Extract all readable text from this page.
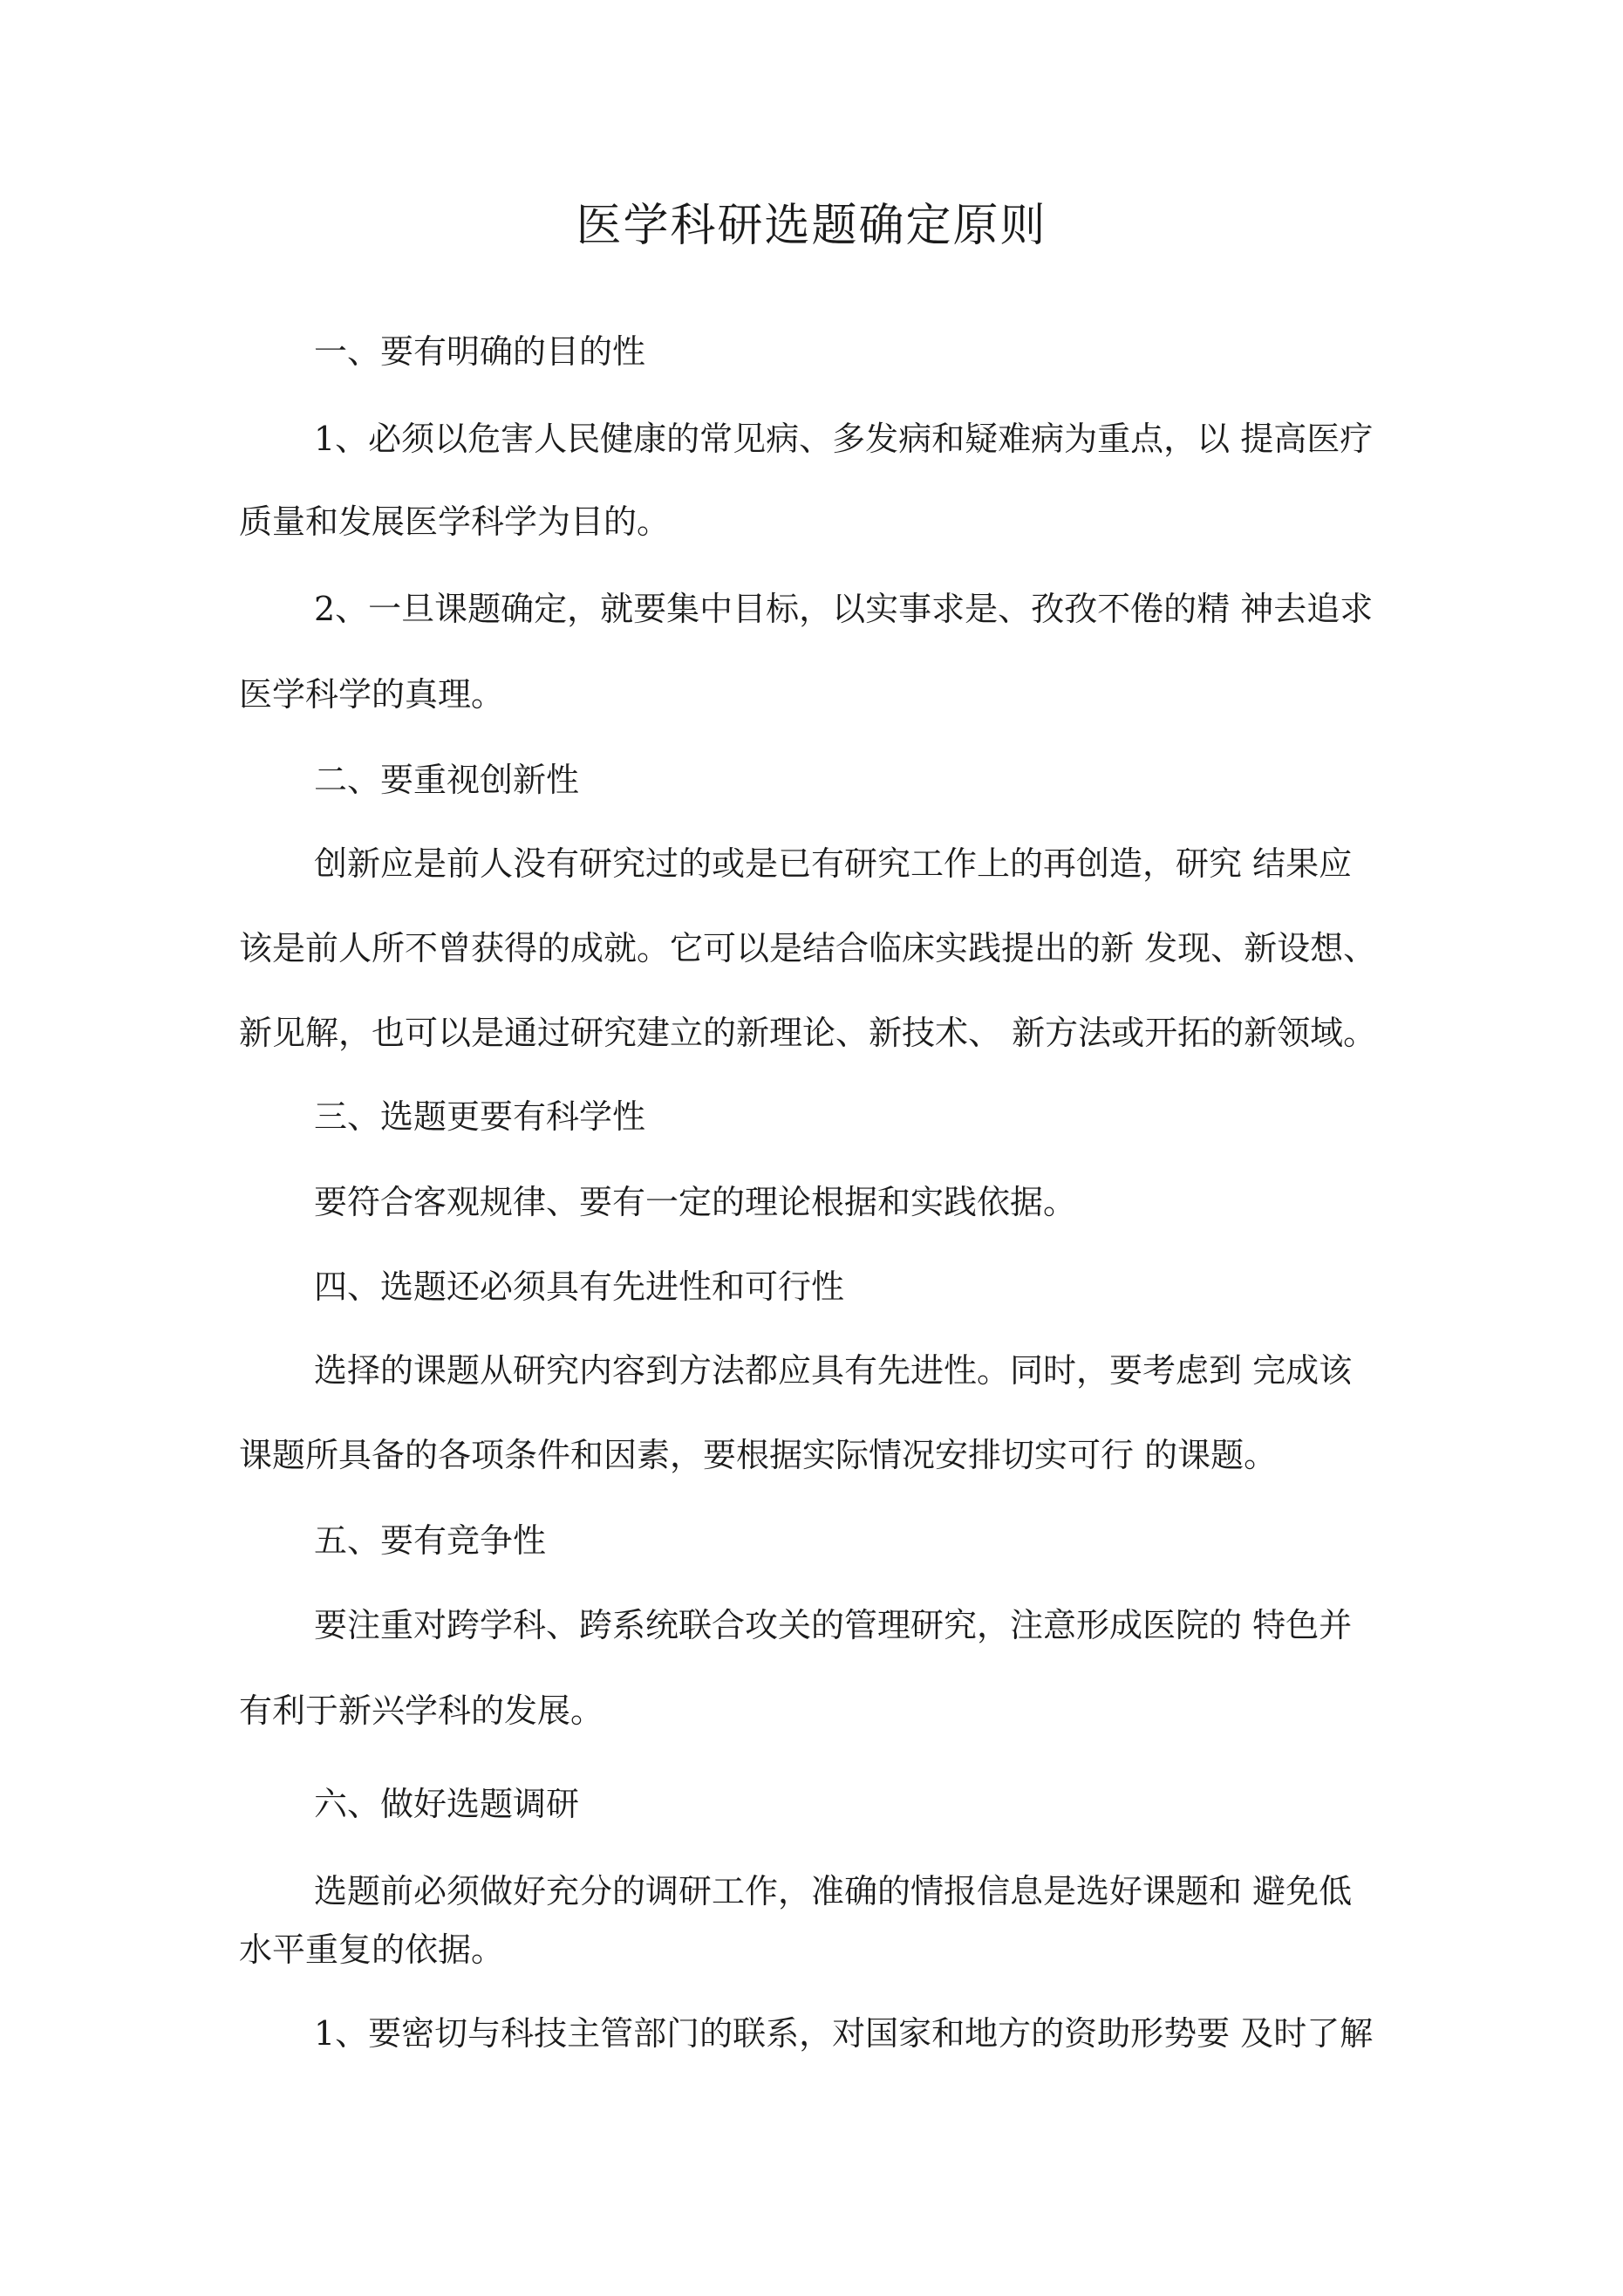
医学科研选题确定原则

一、要有明确的目的性

1、必须以危害人民健康的常见病、多发病和疑难病为重点，以 提高医疗

质量和发展医学科学为目的。

2、一旦课题确定，就要集中目标，以实事求是、孜孜不倦的精 神去追求

医学科学的真理。

二、要重视创新性

创新应是前人没有研究过的或是已有研究工作上的再创造，研究 结果应

该是前人所不曾获得的成就。它可以是结合临床实践提出的新 发现、新设想、

新见解，也可以是通过研究建立的新理论、新技术、 新方法或开拓的新领域。

三、选题更要有科学性

要符合客观规律、要有一定的理论根据和实践依据。

四、选题还必须具有先进性和可行性

选择的课题从研究内容到方法都应具有先进性。同时，要考虑到 完成该

课题所具备的各项条件和因素，要根据实际情况安排切实可行 的课题。

五、要有竞争性

要注重对跨学科、跨系统联合攻关的管理研究，注意形成医院的 特色并

有利于新兴学科的发展。

六、做好选题调研

选题前必须做好充分的调研工作，准确的情报信息是选好课题和 避免低

水平重复的依据。

1、要密切与科技主管部门的联系，对国家和地方的资助形势要 及时了解
